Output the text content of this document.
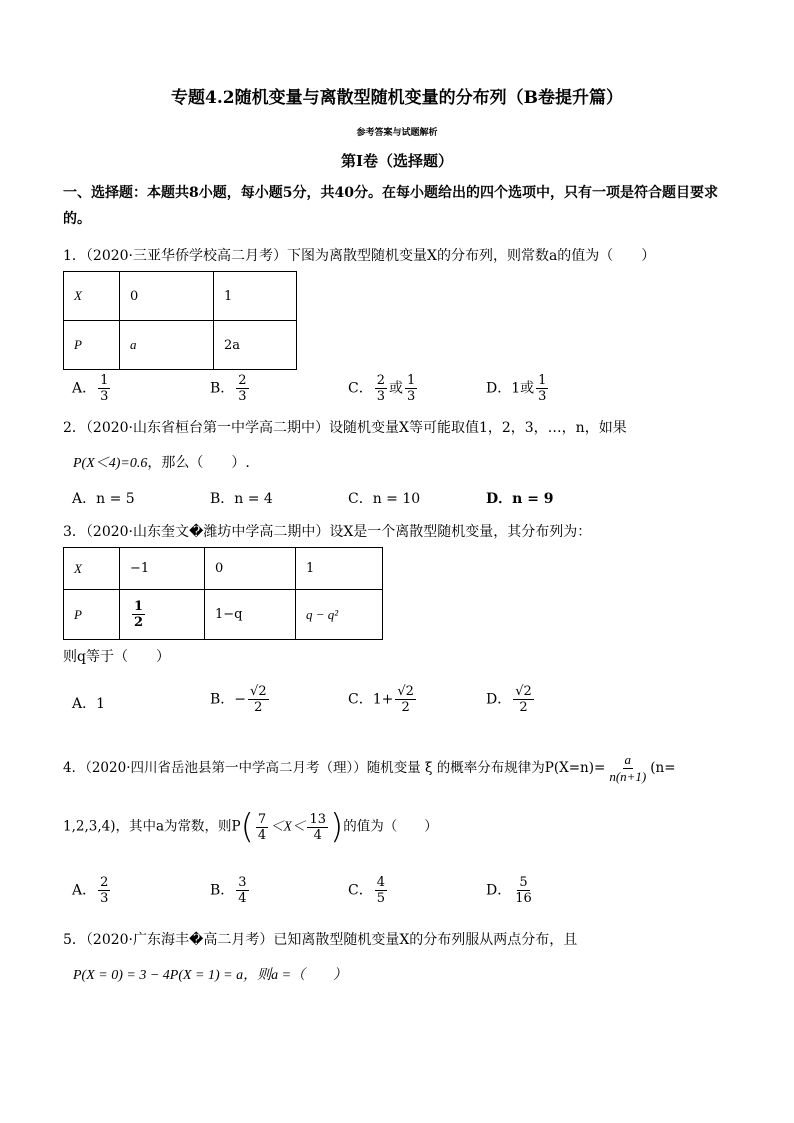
专题4.2随机变量与离散型随机变量的分布列（B卷提升篇）
参考答案与试题解析
第Ⅰ卷（选择题）
一、选择题：本题共8小题，每小题5分，共40分。在每小题给出的四个选项中，只有一项是符合题目要求的。
1．（2020·三亚华侨学校高二月考）下图为离散型随机变量X的分布列，则常数a的值为（　　）
X	0	1
P	a	2a
A． $\frac{1}{3}$	B． $\frac{2}{3}$	C． $\frac{2}{3}$ 或 $\frac{1}{3}$	D．1或 $\frac{1}{3}$
2．（2020·山东省桓台第一中学高二期中）设随机变量X等可能取值1，2，3，…，n，如果
P(X＜4)=0.6，那么（　　）.
A．n = 5	B．n = 4	C．n = 10	D．n = 9
3．（2020·山东奎文�潍坊中学高二期中）设X是一个离散型随机变量，其分布列为：
X	−1	0	1
P	$\frac{1}{2}$	1−q	q − q²
则q等于（　　）
A．1	B．− $\frac{√2}{2}$	C．$1+ \frac{√2}{2}$	D． $\frac{√2}{2}$
4．（2020·四川省岳池县第一中学高二月考（理））随机变量 ξ 的概率分布规律为$P(X=n)= \frac{a}{n(n+1)} (n=$
1,2,3,4)，其中a为常数，则$P( \frac{7}{4} <X< \frac{13}{4}$ )的值为（　　）
A． $\frac{2}{3}$	B． $\frac{3}{4}$	C． $\frac{4}{5}$	D． $\frac{5}{16}$
5．（2020·广东海丰�高二月考）已知离散型随机变量X的分布列服从两点分布，且
P(X = 0) = 3 − 4P(X = 1) = a，则a =（　　）
